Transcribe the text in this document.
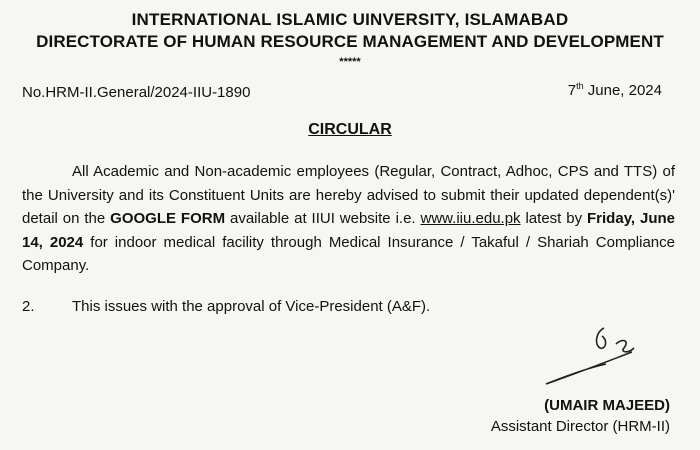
INTERNATIONAL ISLAMIC UINVERSITY, ISLAMABAD
DIRECTORATE OF HUMAN RESOURCE MANAGEMENT AND DEVELOPMENT
*****
No.HRM-II.General/2024-IIU-1890	7th June, 2024
CIRCULAR
All Academic and Non-academic employees (Regular, Contract, Adhoc, CPS and TTS) of the University and its Constituent Units are hereby advised to submit their updated dependent(s)' detail on the GOOGLE FORM available at IIUI website i.e. www.iiu.edu.pk latest by Friday, June 14, 2024 for indoor medical facility through Medical Insurance / Takaful / Shariah Compliance Company.
2. This issues with the approval of Vice-President (A&F).
(UMAIR MAJEED)
Assistant Director (HRM-II)
